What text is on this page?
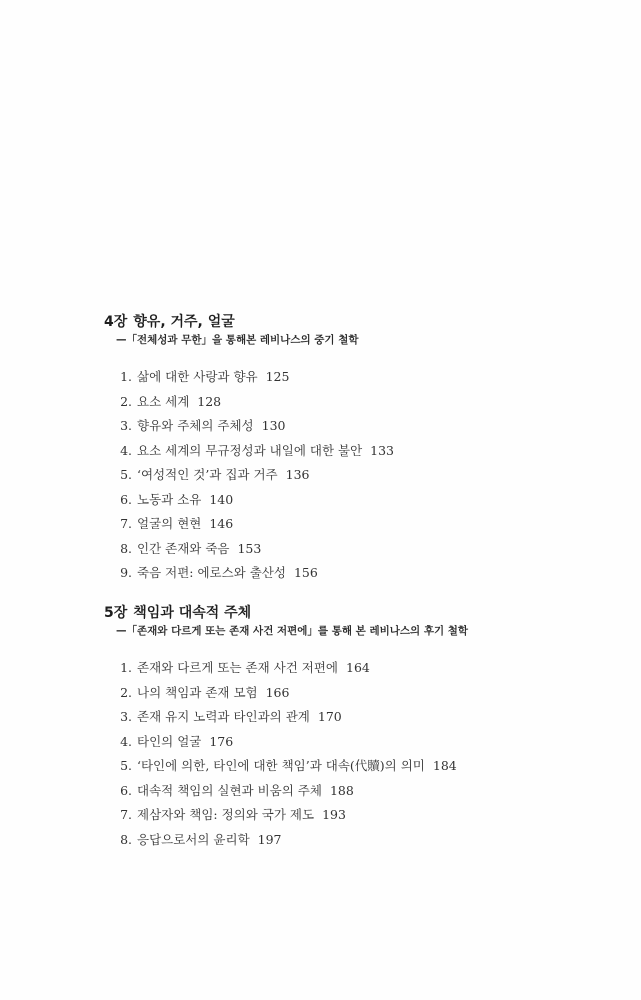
4장 향유, 거주, 얼굴
—「전체성과 무한」을 통해본 레비나스의 중기 철학
1. 삶에 대한 사랑과 향유 125
2. 요소 세계 128
3. 향유와 주체의 주체성 130
4. 요소 세계의 무규정성과 내일에 대한 불안 133
5. ‘여성적인 것’과 집과 거주 136
6. 노동과 소유 140
7. 얼굴의 현현 146
8. 인간 존재와 죽음 153
9. 죽음 저편: 에로스와 출산성 156
5장 책임과 대속적 주체
—「존재와 다르게 또는 존재 사건 저편에」를 통해 본 레비나스의 후기 철학
1. 존재와 다르게 또는 존재 사건 저편에 164
2. 나의 책임과 존재 모험 166
3. 존재 유지 노력과 타인과의 관계 170
4. 타인의 얼굴 176
5. ‘타인에 의한, 타인에 대한 책임’과 대속(代贖)의 의미 184
6. 대속적 책임의 실현과 비움의 주체 188
7. 제삼자와 책임: 정의와 국가 제도 193
8. 응답으로서의 윤리학 197
